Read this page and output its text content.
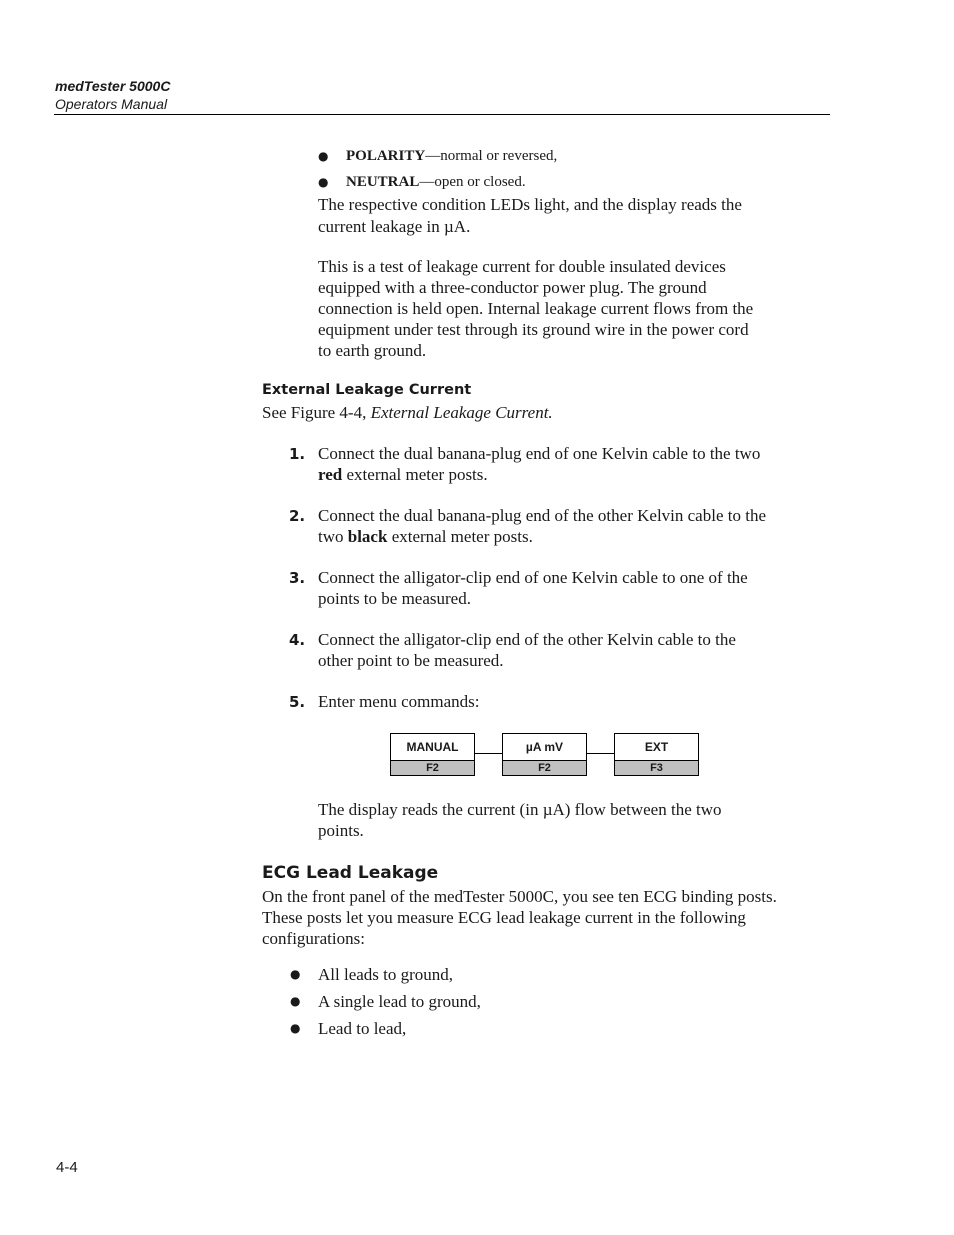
medTester 5000C
Operators Manual
● POLARITY—normal or reversed,
● NEUTRAL—open or closed.
The respective condition LEDs light, and the display reads the
current leakage in µA.
This is a test of leakage current for double insulated devices
equipped with a three-conductor power plug. The ground
connection is held open. Internal leakage current flows from the
equipment under test through its ground wire in the power cord
to earth ground.
External Leakage Current
See Figure 4-4, External Leakage Current.
1. Connect the dual banana-plug end of one Kelvin cable to the two
red external meter posts.
2. Connect the dual banana-plug end of the other Kelvin cable to the
two black external meter posts.
3. Connect the alligator-clip end of one Kelvin cable to one of the
points to be measured.
4. Connect the alligator-clip end of the other Kelvin cable to the
other point to be measured.
5. Enter menu commands:
MANUAL
F2
µA mV
F2
EXT
F3
The display reads the current (in µA) flow between the two
points.
ECG Lead Leakage
On the front panel of the medTester 5000C, you see ten ECG binding posts.
These posts let you measure ECG lead leakage current in the following
configurations:
● All leads to ground,
● A single lead to ground,
● Lead to lead,
4-4
